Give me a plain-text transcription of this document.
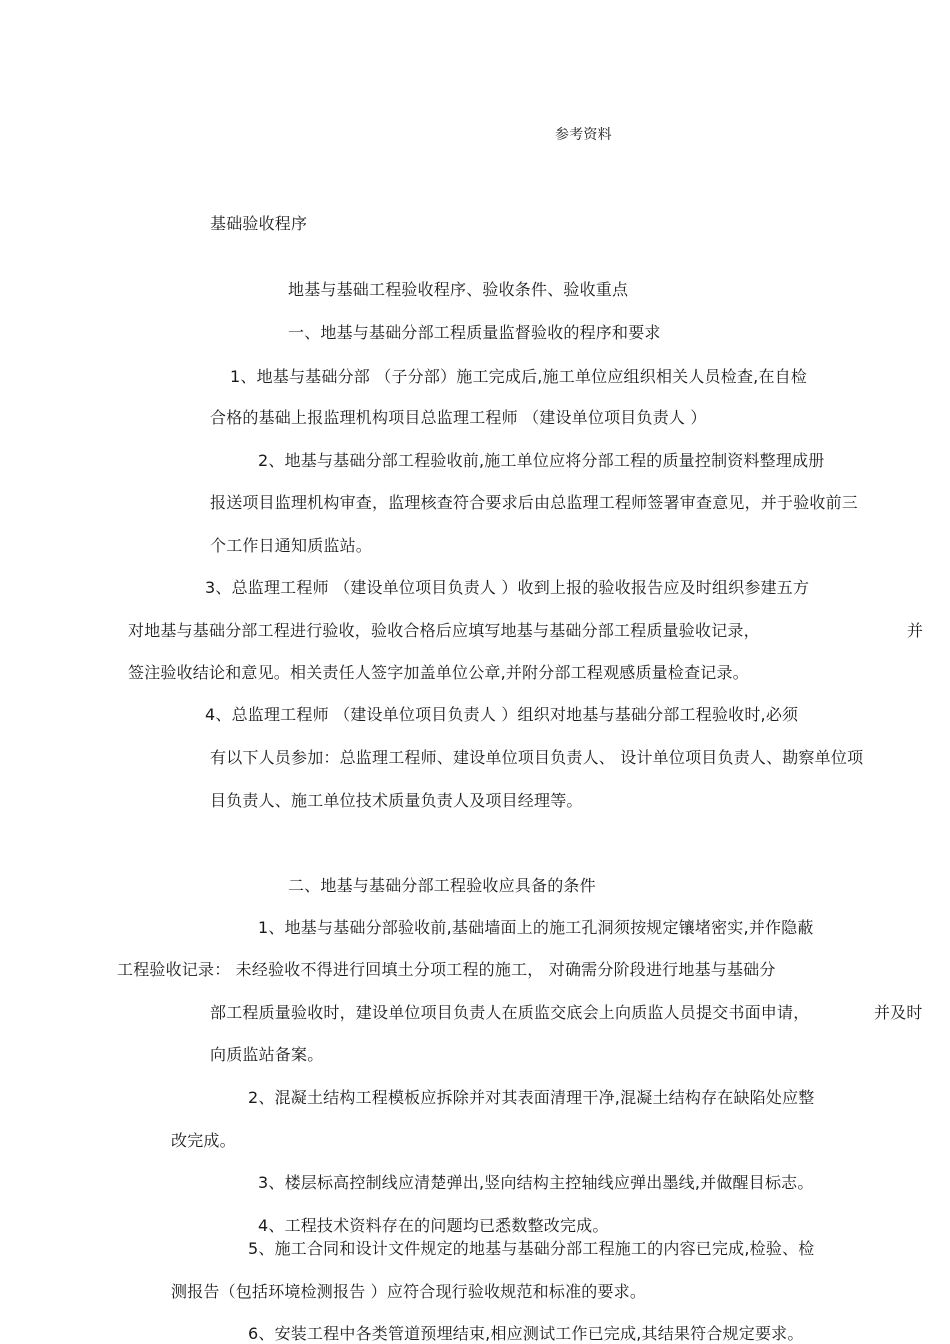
参考资料
基础验收程序
地基与基础工程验收程序、验收条件、验收重点
一、地基与基础分部工程质量监督验收的程序和要求
1、地基与基础分部 （子分部）施工完成后,施工单位应组织相关人员检查,在自检
合格的基础上报监理机构项目总监理工程师 （建设单位项目负责人 ）
2、地基与基础分部工程验收前,施工单位应将分部工程的质量控制资料整理成册
报送项目监理机构审查，监理核查符合要求后由总监理工程师签署审查意见，并于验收前三
个工作日通知质监站。
3、总监理工程师 （建设单位项目负责人 ）收到上报的验收报告应及时组织参建五方
对地基与基础分部工程进行验收，验收合格后应填写地基与基础分部工程质量验收记录，	并
签注验收结论和意见。相关责任人签字加盖单位公章,并附分部工程观感质量检查记录。
4、总监理工程师 （建设单位项目负责人 ）组织对地基与基础分部工程验收时,必须
有以下人员参加：总监理工程师、建设单位项目负责人、 设计单位项目负责人、勘察单位项
目负责人、施工单位技术质量负责人及项目经理等。
二、地基与基础分部工程验收应具备的条件
1、地基与基础分部验收前,基础墙面上的施工孔洞须按规定镶堵密实,并作隐蔽
工程验收记录： 未经验收不得进行回填土分项工程的施工， 对确需分阶段进行地基与基础分
部工程质量验收时，建设单位项目负责人在质监交底会上向质监人员提交书面申请，	并及时
向质监站备案。
2、混凝土结构工程模板应拆除并对其表面清理干净,混凝土结构存在缺陷处应整
改完成。
3、楼层标高控制线应清楚弹出,竖向结构主控轴线应弹出墨线,并做醒目标志。
4、工程技术资料存在的问题均已悉数整改完成。
5、施工合同和设计文件规定的地基与基础分部工程施工的内容已完成,检验、检
测报告（包括环境检测报告 ）应符合现行验收规范和标准的要求。
6、安装工程中各类管道预埋结束,相应测试工作已完成,其结果符合规定要求。
